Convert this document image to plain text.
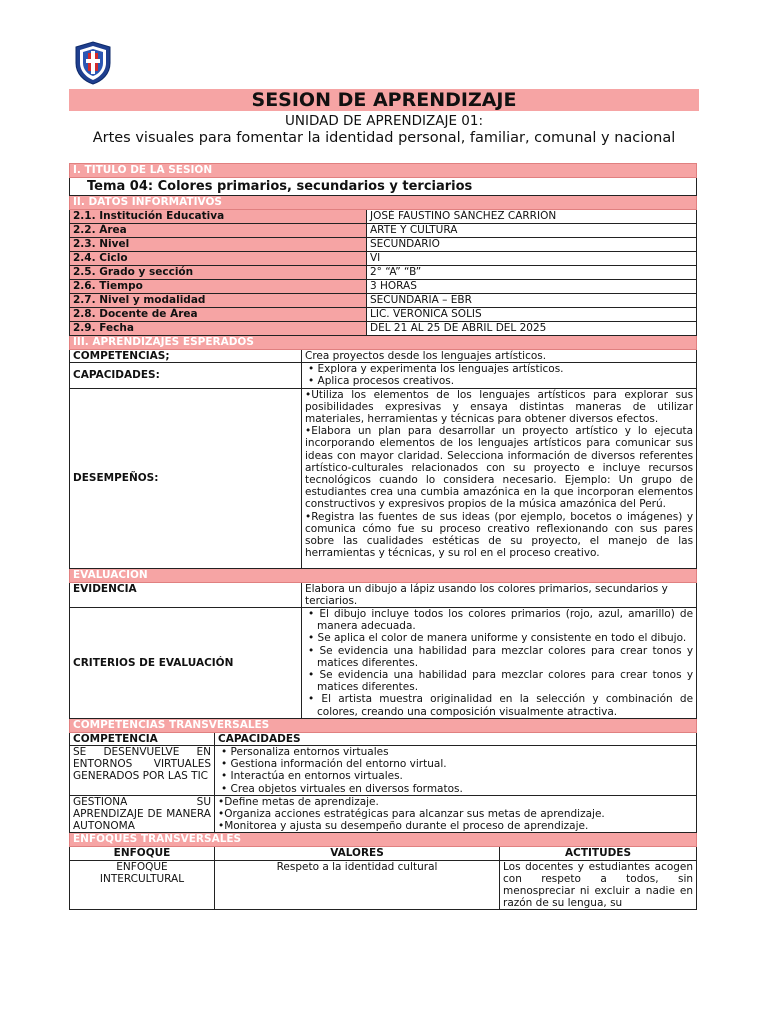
SESION DE APRENDIZAJE
UNIDAD DE APRENDIZAJE 01:
Artes visuales para fomentar la identidad personal, familiar, comunal y nacional
I. TITULO DE LA SESIÓN				
Tema 04: Colores primarios, secundarios y terciarios				
II. DATOS INFORMATIVOS				
2.1. Institución Educativa			JOSÉ FAUSTINO SÁNCHEZ CARRIÓN	
2.2. Área			ARTE Y CULTURA	
2.3. Nivel			SECUNDARIO	
2.4. Ciclo			VI	
2.5. Grado y sección			2° “A” “B”	
2.6. Tiempo			3 HORAS	
2.7. Nivel y modalidad			SECUNDARIA – EBR	
2.8. Docente de Área			LIC. VERÓNICA SOLIS	
2.9. Fecha			DEL 21 AL 25 DE ABRIL DEL 2025	
III. APRENDIZAJES ESPERADOS				
COMPETENCIAS;		Crea proyectos desde los lenguajes artísticos.		
CAPACIDADES:		• Explora y experimenta los lenguajes artísticos.
• Aplica procesos creativos.		

DESEMPEÑOS:		•Utiliza los elementos de los lenguajes artísticos para explorar sus posibilidades expresivas y ensaya distintas maneras de utilizar materiales, herramientas y técnicas para obtener diversos efectos.
•Elabora un plan para desarrollar un proyecto artístico y lo ejecuta incorporando elementos de los lenguajes artísticos para comunicar sus ideas con mayor claridad. Selecciona información de diversos referentes artístico-culturales relacionados con su proyecto e incluye recursos tecnológicos cuando lo considera necesario. Ejemplo: Un grupo de estudiantes crea una cumbia amazónica en la que incorporan elementos constructivos y expresivos propios de la música amazónica del Perú.
•Registra las fuentes de sus ideas (por ejemplo, bocetos o imágenes) y comunica cómo fue su proceso creativo reflexionando con sus pares sobre las cualidades estéticas de su proyecto, el manejo de las herramientas y técnicas, y su rol en el proceso creativo.		

EVALUACION				
EVIDENCIA		Elabora un dibujo a lápiz usando los colores primarios, secundarios y terciarios.		
CRITERIOS DE EVALUACIÓN		• El dibujo incluye todos los colores primarios (rojo, azul, amarillo) de manera adecuada.
• Se aplica el color de manera uniforme y consistente en todo el dibujo.
• Se evidencia una habilidad para mezclar colores para crear tonos y matices diferentes.
• Se evidencia una habilidad para mezclar colores para crear tonos y matices diferentes.
• El artista muestra originalidad en la selección y combinación de colores, creando una composición visualmente atractiva.		

COMPETENCIAS TRANSVERSALES				
COMPETENCIA	CAPACIDADES			
SE DESENVUELVE EN ENTORNOS VIRTUALES GENERADOS POR LAS TIC	• Personaliza entornos virtuales
• Gestiona información del entorno virtual.
• Interactúa en entornos virtuales.
• Crea objetos virtuales en diversos formatos.			

GESTIONA SU APRENDIZAJE DE MANERA AUTONOMA	•Define metas de aprendizaje.
•Organiza acciones estratégicas para alcanzar sus metas de aprendizaje.
•Monitorea y ajusta su desempeño durante el proceso de aprendizaje.			

ENFOQUES TRANSVERSALES				
ENFOQUE	VALORES			ACTITUDES
ENFOQUE INTERCULTURAL	Respeto a la identidad cultural			Los docentes y estudiantes acogen con respeto a todos, sin menospreciar ni excluir a nadie en razón de su lengua, su
